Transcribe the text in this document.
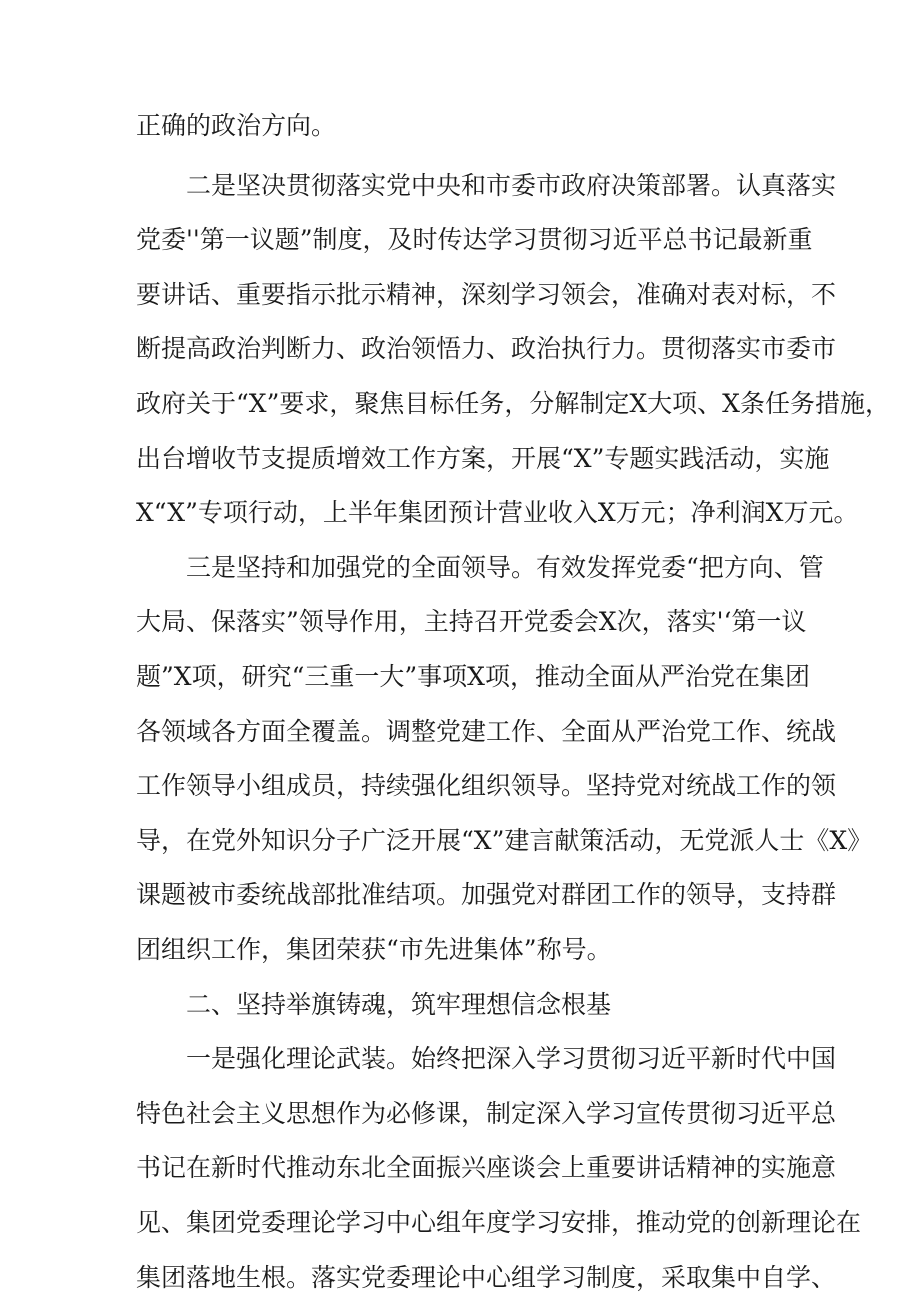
正确的政治方向。

二是坚决贯彻落实党中央和市委市政府决策部署。认真落实

党委''第一议题”制度，及时传达学习贯彻习近平总书记最新重

要讲话、重要指示批示精神，深刻学习领会，准确对表对标，不

断提高政治判断力、政治领悟力、政治执行力。贯彻落实市委市

政府关于“X”要求，聚焦目标任务，分解制定X大项、X条任务措施，

出台增收节支提质增效工作方案，开展“X”专题实践活动，实施

X“X”专项行动，上半年集团预计营业收入X万元；净利润X万元。

三是坚持和加强党的全面领导。有效发挥党委“把方向、管

大局、保落实”领导作用，主持召开党委会X次，落实'‘第一议

题”X项，研究“三重一大”事项X项，推动全面从严治党在集团

各领域各方面全覆盖。调整党建工作、全面从严治党工作、统战

工作领导小组成员，持续强化组织领导。坚持党对统战工作的领

导，在党外知识分子广泛开展“X”建言献策活动，无党派人士《X》

课题被市委统战部批准结项。加强党对群团工作的领导，支持群

团组织工作，集团荣获“市先进集体”称号。

二、坚持举旗铸魂，筑牢理想信念根基

一是强化理论武装。始终把深入学习贯彻习近平新时代中国

特色社会主义思想作为必修课，制定深入学习宣传贯彻习近平总

书记在新时代推动东北全面振兴座谈会上重要讲话精神的实施意

见、集团党委理论学习中心组年度学习安排，推动党的创新理论在

集团落地生根。落实党委理论中心组学习制度，采取集中自学、
